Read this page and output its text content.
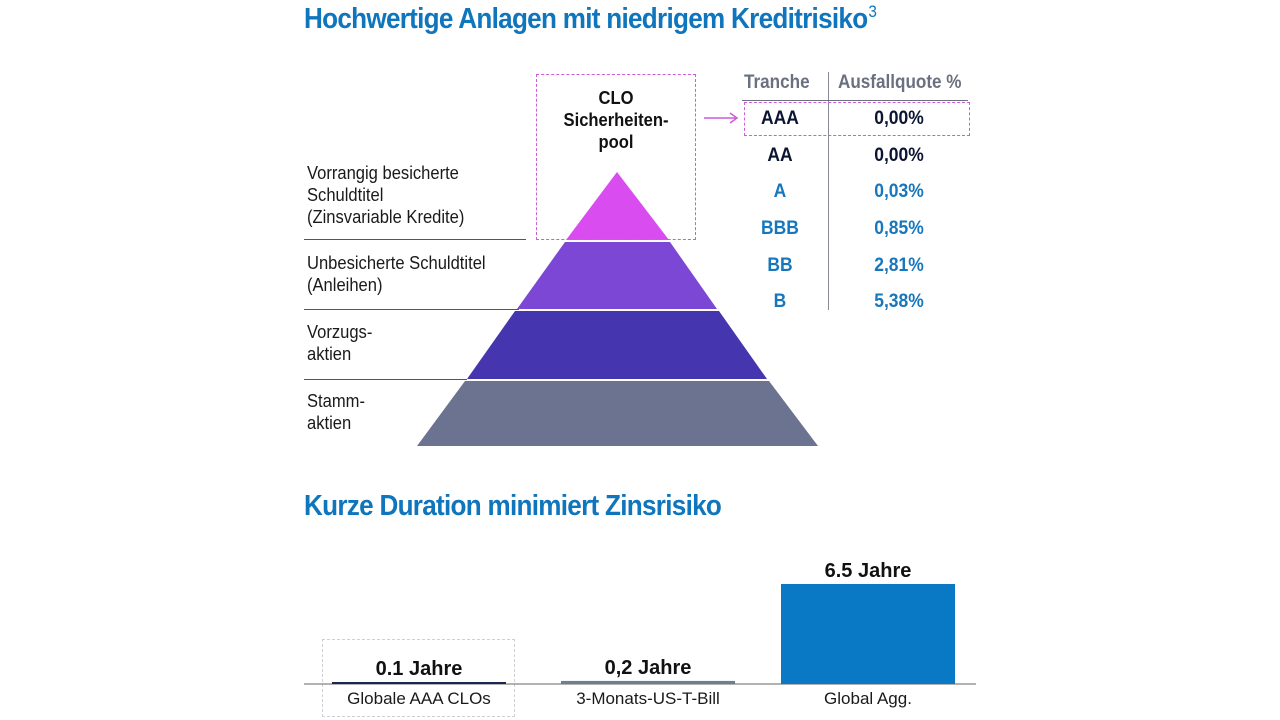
Hochwertige Anlagen mit niedrigem Kreditrisiko$^3$
Vorrangig besicherte
Schuldtitel
(Zinsvariable Kredite)
Unbesicherte Schuldtitel
(Anleihen)
Vorzugs-
aktien
Stamm-
aktien
CLO
Sicherheiten-
pool
Tranche Ausfallquote %
AAA	0,00%
AA	0,00%
A	0,03%
BBB	0,85%
BB	2,81%
B	5,38%
Kurze Duration minimiert Zinsrisiko
0.1 Jahre
Globale AAA CLOs
0,2 Jahre
3-Monats-US-T-Bill
6.5 Jahre
Global Agg.
